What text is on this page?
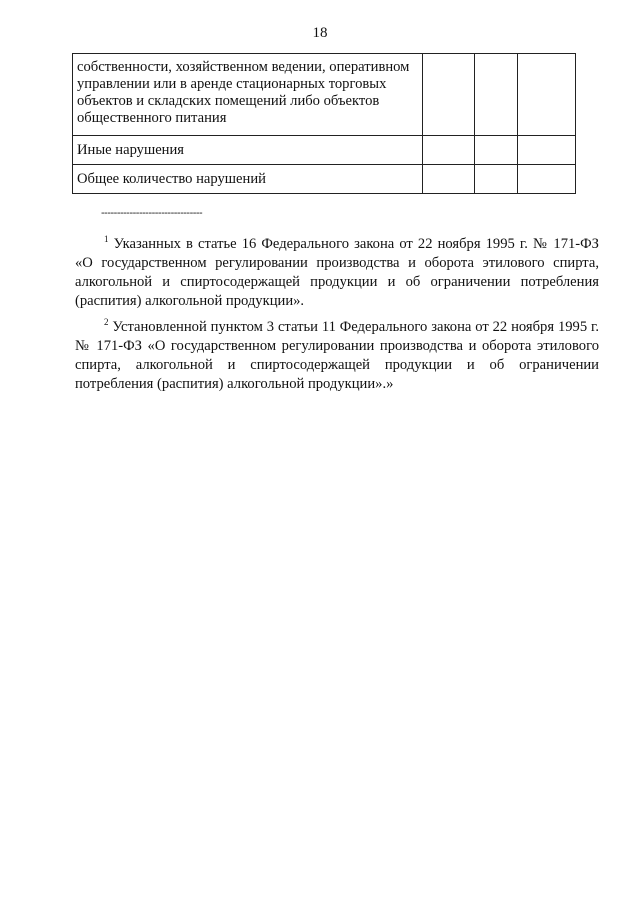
18
собственности, хозяйственном ведении, оперативном управлении или в аренде стационарных торговых объектов и складских помещений либо объектов общественного питания			
Иные нарушения			
Общее количество нарушений			
--------------------------------

$^1$ Указанных в статье 16 Федерального закона от 22 ноября 1995 г. № 171-ФЗ «О государственном регулировании производства и оборота этилового спирта, алкогольной и спиртосодержащей продукции и об ограничении потребления (распития) алкогольной продукции».

$^2$ Установленной пунктом 3 статьи 11 Федерального закона от 22 ноября 1995 г. № 171-ФЗ «О государственном регулировании производства и оборота этилового спирта, алкогольной и спиртосодержащей продукции и об ограничении потребления (распития) алкогольной продукции».»
